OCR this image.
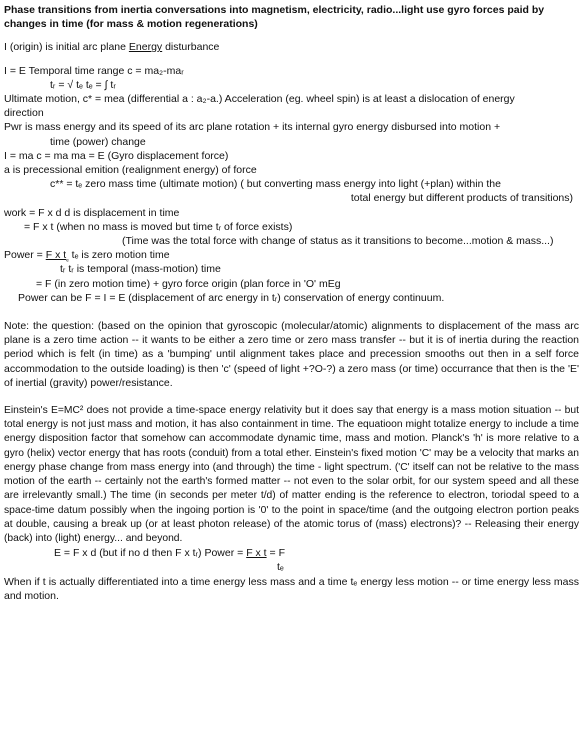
Phase transitions from inertia conversations into magnetism, electricity, radio...light use gyro forces paid by
changes in time (for mass & motion regenerations)
I (origin) is initial arc plane Energy disturbance
I = E Temporal time range c = ma₂-maᵣ
tᵣ = √ tₑ tₑ = ∫ tᵣ
Ultimate motion, c* = mea (differential a : a₂-a.) Acceleration (eg. wheel spin) is at least a dislocation of energy
direction
Pwr is mass energy and its speed of its arc plane rotation + its internal gyro energy disbursed into motion +
time (power) change
I = ma c = ma ma = E (Gyro displacement force)
a is precessional emition (realignment energy) of force
c** = tₑ zero mass time (ultimate motion) ( but converting mass energy into light (+plan) within the
total energy but different products of transitions)
work = F x d d is displacement in time
= F x t (when no mass is moved but time tᵣ of force exists)
(Time was the total force with change of status as it transitions to become...motion & mass...)
Power = F x $t_{_e}$ tₑ is zero motion time
tᵣ tᵣ is temporal (mass-motion) time
= F (in zero motion time) + gyro force origin (plan force in 'O' mEg
Power can be F = I = E (displacement of arc energy in tᵣ) conservation of energy continuum.
Note: the question: (based on the opinion that gyroscopic (molecular/atomic) alignments to displacement of the mass arc plane is a zero time action -- it wants to be either a zero time or zero mass transfer -- but it is of inertia during the reaction period which is felt (in time) as a 'bumping' until alignment takes place and precession smooths out then in a self force accommodation to the outside loading) is then 'c' (speed of light +?O-?) a zero mass (or time) occurrance that then is the 'E' of inertial (gravity) power/resistance.
Einstein's E=MC² does not provide a time-space energy relativity but it does say that energy is a mass motion situation -- but total energy is not just mass and motion, it has also containment in time. The equatioon might totalize energy to include a time energy disposition factor that somehow can accommodate dynamic time, mass and motion. Planck's 'h' is more relative to a gyro (helix) vector energy that has roots (conduit) from a total ether. Einstein's fixed motion 'C' may be a velocity that marks an energy phase change from mass energy into (and through) the time - light spectrum. ('C' itself can not be relative to the mass motion of the earth -- certainly not the earth's formed matter -- not even to the solar orbit, for our system speed and all these are irrelevantly small.) The time (in seconds per meter t/d) of matter ending is the reference to electron, toriodal speed to a space-time datum possibly when the ingoing portion is '0' to the point in space/time (and the outgoing electron portion peaks at double, causing a break up (or at least photon release) of the atomic torus of (mass) electrons)? -- Releasing their energy (back) into (light) energy... and beyond.
E = F x d (but if no d then F x tᵣ) Power = F x t = F
tₑ
When if t is actually differentiated into a time energy less mass and a time tₑ energy less motion -- or time energy less mass and motion.
